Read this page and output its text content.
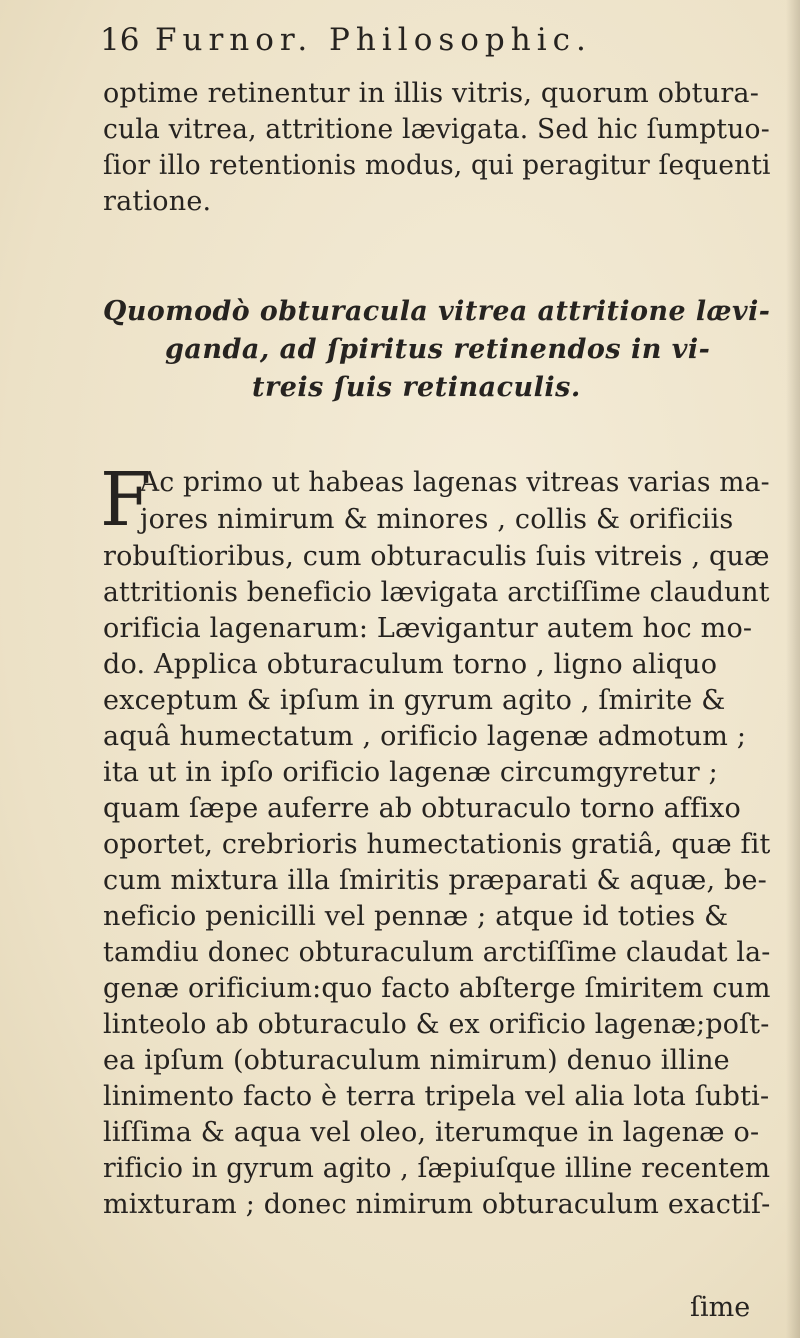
16 Furnor. Philosophic.
optime retinentur in illis vitris, quorum obtura-
cula vitrea, attritione lævigata. Sed hic ſumptuo-
ſior illo retentionis modus, qui peragitur ſequenti
ratione.
Quomodò obturacula vitrea attritione lævi-
ganda, ad ſpiritus retinendos in vi-
treis ſuis retinaculis.
F
Ac primo ut habeas lagenas vitreas varias ma-
jores nimirum & minores , collis & orificiis
robuſtioribus, cum obturaculis ſuis vitreis , quæ
attritionis beneficio lævigata arctiſſime claudunt
orificia lagenarum: Lævigantur autem hoc mo-
do. Applica obturaculum torno , ligno aliquo
exceptum & ipſum in gyrum agito , ſmirite &
aquâ humectatum , orificio lagenæ admotum ;
ita ut in ipſo orificio lagenæ circumgyretur ;
quam ſæpe auferre ab obturaculo torno affixo
oportet, crebrioris humectationis gratiâ, quæ fit
cum mixtura illa ſmiritis præparati & aquæ, be-
neficio penicilli vel pennæ ; atque id toties &
tamdiu donec obturaculum arctiſſime claudat la-
genæ orificium:quo facto abſterge ſmiritem cum
linteolo ab obturaculo & ex orificio lagenæ;poſt-
ea ipſum (obturaculum nimirum) denuo illine
linimento facto è terra tripela vel alia lota ſubti-
liſſima & aqua vel oleo, iterumque in lagenæ o-
rificio in gyrum agito , ſæpiuſque illine recentem
mixturam ; donec nimirum obturaculum exactiſ-
ſime
